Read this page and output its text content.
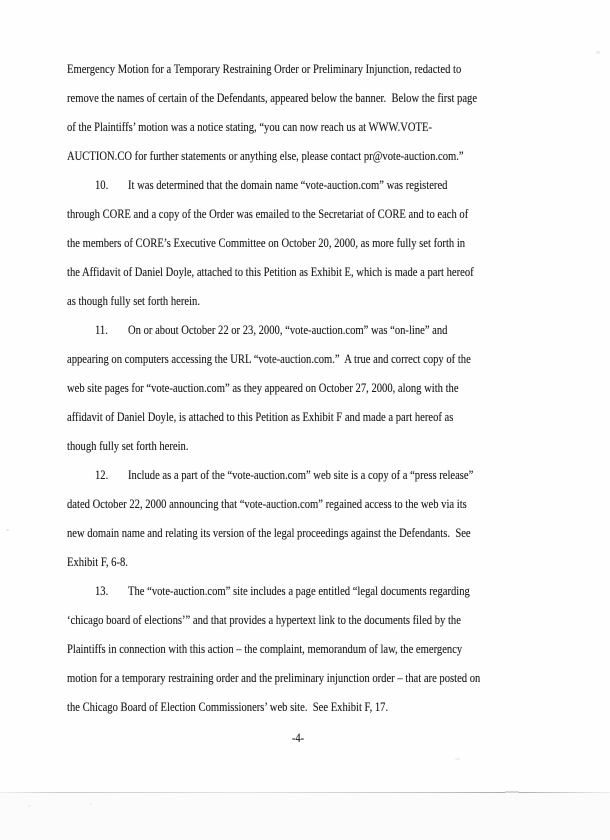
Emergency Motion for a Temporary Restraining Order or Preliminary Injunction, redacted to
remove the names of certain of the Defendants, appeared below the banner.  Below the first page
of the Plaintiffs’ motion was a notice stating, “you can now reach us at WWW.VOTE-
AUCTION.CO for further statements or anything else, please contact pr@vote-auction.com.”
10. It was determined that the domain name “vote-auction.com” was registered
through CORE and a copy of the Order was emailed to the Secretariat of CORE and to each of
the members of CORE’s Executive Committee on October 20, 2000, as more fully set forth in
the Affidavit of Daniel Doyle, attached to this Petition as Exhibit E, which is made a part hereof
as though fully set forth herein.
11. On or about October 22 or 23, 2000, “vote-auction.com” was “on-line” and
appearing on computers accessing the URL “vote-auction.com.”  A true and correct copy of the
web site pages for “vote-auction.com” as they appeared on October 27, 2000, along with the
affidavit of Daniel Doyle, is attached to this Petition as Exhibit F and made a part hereof as
though fully set forth herein.
12. Include as a part of the “vote-auction.com” web site is a copy of a “press release”
dated October 22, 2000 announcing that “vote-auction.com” regained access to the web via its
new domain name and relating its version of the legal proceedings against the Defendants.  See
Exhibit F, 6-8.
13. The “vote-auction.com” site includes a page entitled “legal documents regarding
‘chicago board of elections’” and that provides a hypertext link to the documents filed by the
Plaintiffs in connection with this action – the complaint, memorandum of law, the emergency
motion for a temporary restraining order and the preliminary injunction order – that are posted on
the Chicago Board of Election Commissioners’ web site.  See Exhibit F, 17.
-4-
